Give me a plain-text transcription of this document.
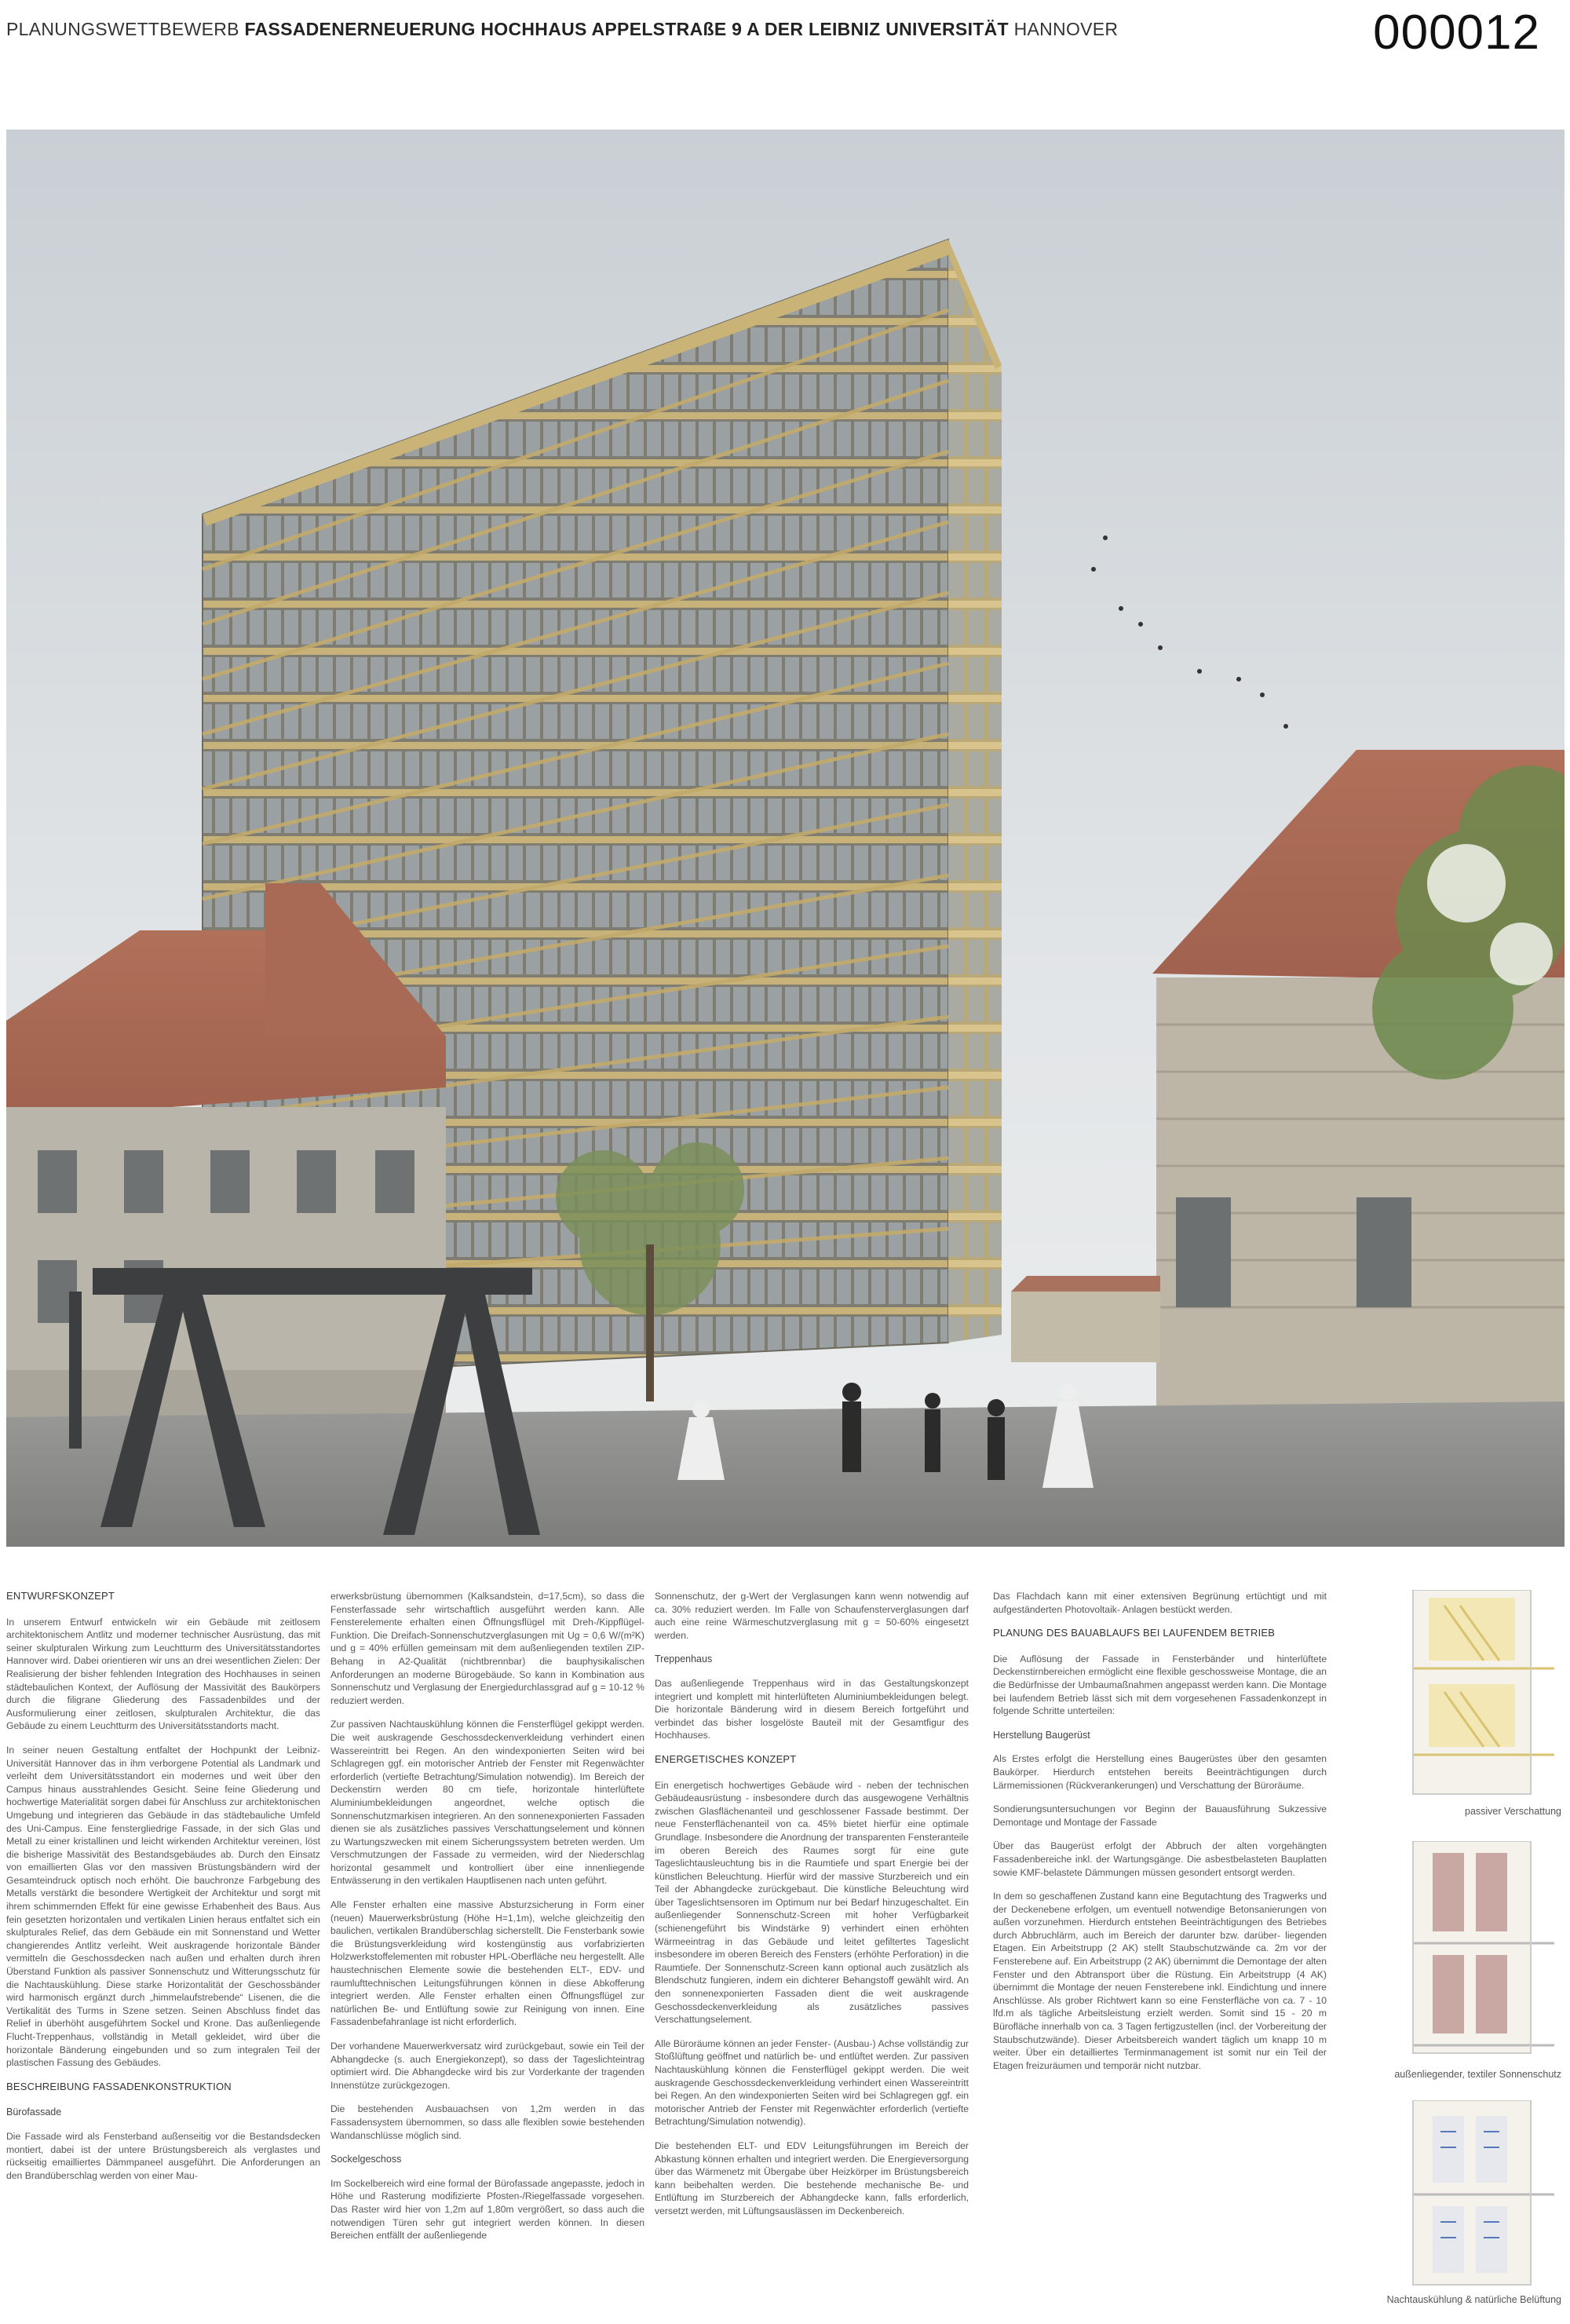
PLANUNGSWETTBEWERB FASSADENERNEUERUNG HOCHHAUS APPELSTRAßE 9 A DER LEIBNIZ UNIVERSITÄT HANNOVER	000012
ENTWURFSKONZEPT

In unserem Entwurf entwickeln wir ein Gebäude mit zeitlosem architektonischem Antlitz und moderner technischer Ausrüstung, das mit seiner skulpturalen Wirkung zum Leuchtturm des Universitätsstandortes Hannover wird. Dabei orientieren wir uns an drei wesentlichen Zielen: Der Realisierung der bisher fehlenden Integration des Hochhauses in seinen städtebaulichen Kontext, der Auflösung der Massivität des Baukörpers durch die filigrane Gliederung des Fassadenbildes und der Ausformulierung einer zeitlosen, skulpturalen Architektur, die das Gebäude zu einem Leuchtturm des Universitätsstandorts macht.

In seiner neuen Gestaltung entfaltet der Hochpunkt der Leibniz-Universität Hannover das in ihm verborgene Potential als Landmark und verleiht dem Universitätsstandort ein modernes und weit über den Campus hinaus ausstrahlendes Gesicht. Seine feine Gliederung und hochwertige Materialität sorgen dabei für Anschluss zur architektonischen Umgebung und integrieren das Gebäude in das städtebauliche Umfeld des Uni-Campus. Eine fenstergliedrige Fassade, in der sich Glas und Metall zu einer kristallinen und leicht wirkenden Architektur vereinen, löst die bisherige Massivität des Bestandsgebäudes ab. Durch den Einsatz von emaillierten Glas vor den massiven Brüstungsbändern wird der Gesamteindruck optisch noch erhöht. Die bauchronze Farbgebung des Metalls verstärkt die besondere Wertigkeit der Architektur und sorgt mit ihrem schimmernden Effekt für eine gewisse Erhabenheit des Baus. Aus fein gesetzten horizontalen und vertikalen Linien heraus entfaltet sich ein skulpturales Relief, das dem Gebäude ein mit Sonnenstand und Wetter changierendes Antlitz verleiht. Weit auskragende horizontale Bänder vermitteln die Geschossdecken nach außen und erhalten durch ihren Überstand Funktion als passiver Sonnenschutz und Witterungsschutz für die Nachtauskühlung. Diese starke Horizontalität der Geschossbänder wird harmonisch ergänzt durch „himmelaufstrebende“ Lisenen, die die Vertikalität des Turms in Szene setzen. Seinen Abschluss findet das Relief in überhöht ausgeführtem Sockel und Krone. Das außenliegende Flucht-Treppenhaus, vollständig in Metall gekleidet, wird über die horizontale Bänderung eingebunden und so zum integralen Teil der plastischen Fassung des Gebäudes.

BESCHREIBUNG FASSADENKONSTRUKTION
Bürofassade

Die Fassade wird als Fensterband außenseitig vor die Bestandsdecken montiert, dabei ist der untere Brüstungsbereich als verglastes und rückseitig emailliertes Dämmpaneel ausgeführt. Die Anforderungen an den Brandüberschlag werden von einer Mau-

erwerksbrüstung übernommen (Kalksandstein, d=17,5cm), so dass die Fensterfassade sehr wirtschaftlich ausgeführt werden kann. Alle Fensterelemente erhalten einen Öffnungsflügel mit Dreh-/Kippflügel-Funktion. Die Dreifach-Sonnenschutzverglasungen mit Ug = 0,6 W/(m²K) und g = 40% erfüllen gemeinsam mit dem außenliegenden textilen ZIP-Behang in A2-Qualität (nichtbrennbar) die bauphysikalischen Anforderungen an moderne Bürogebäude. So kann in Kombination aus Sonnenschutz und Verglasung der Energiedurchlassgrad auf g = 10-12 % reduziert werden.

Zur passiven Nachtauskühlung können die Fensterflügel gekippt werden. Die weit auskragende Geschossdeckenverkleidung verhindert einen Wassereintritt bei Regen. An den windexponierten Seiten wird bei Schlagregen ggf. ein motorischer Antrieb der Fenster mit Regenwächter erforderlich (vertiefte Betrachtung/Simulation notwendig). Im Bereich der Deckenstirn werden 80 cm tiefe, horizontale hinterlüftete Aluminiumbekleidungen angeordnet, welche optisch die Sonnenschutzmarkisen integrieren. An den sonnenexponierten Fassaden dienen sie als zusätzliches passives Verschattungselement und können zu Wartungszwecken mit einem Sicherungssystem betreten werden. Um Verschmutzungen der Fassade zu vermeiden, wird der Niederschlag horizontal gesammelt und kontrolliert über eine innenliegende Entwässerung in den vertikalen Hauptlisenen nach unten geführt.

Alle Fenster erhalten eine massive Absturzsicherung in Form einer (neuen) Mauerwerksbrüstung (Höhe H=1,1m), welche gleichzeitig den baulichen, vertikalen Brandüberschlag sicherstellt. Die Fensterbank sowie die Brüstungsverkleidung wird kostengünstig aus vorfabrizierten Holzwerkstoffelementen mit robuster HPL-Oberfläche neu hergestellt. Alle haustechnischen Elemente sowie die bestehenden ELT-, EDV- und raumlufttechnischen Leitungsführungen können in diese Abkofferung integriert werden. Alle Fenster erhalten einen Öffnungsflügel zur natürlichen Be- und Entlüftung sowie zur Reinigung von innen. Eine Fassadenbefahranlage ist nicht erforderlich.

Der vorhandene Mauerwerkversatz wird zurückgebaut, sowie ein Teil der Abhangdecke (s. auch Energiekonzept), so dass der Tageslichteintrag optimiert wird. Die Abhangdecke wird bis zur Vorderkante der tragenden Innenstütze zurückgezogen.

Die bestehenden Ausbauachsen von 1,2m werden in das Fassadensystem übernommen, so dass alle flexiblen sowie bestehenden Wandanschlüsse möglich sind.

Sockelgeschoss

Im Sockelbereich wird eine formal der Bürofassade angepasste, jedoch in Höhe und Rasterung modifizierte Pfosten-/Riegelfassade vorgesehen. Das Raster wird hier von 1,2m auf 1,80m vergrößert, so dass auch die notwendigen Türen sehr gut integriert werden können. In diesen Bereichen entfällt der außenliegende

Sonnenschutz, der g-Wert der Verglasungen kann wenn notwendig auf ca. 30% reduziert werden. Im Falle von Schaufensterverglasungen darf auch eine reine Wärmeschutzverglasung mit g = 50-60% eingesetzt werden.

Treppenhaus

Das außenliegende Treppenhaus wird in das Gestaltungskonzept integriert und komplett mit hinterlüfteten Aluminiumbekleidungen belegt. Die horizontale Bänderung wird in diesem Bereich fortgeführt und verbindet das bisher losgelöste Bauteil mit der Gesamtfigur des Hochhauses.

ENERGETISCHES KONZEPT

Ein energetisch hochwertiges Gebäude wird - neben der technischen Gebäudeausrüstung - insbesondere durch das ausgewogene Verhältnis zwischen Glasflächenanteil und geschlossener Fassade bestimmt. Der neue Fensterflächenanteil von ca. 45% bietet hierfür eine optimale Grundlage. Insbesondere die Anordnung der transparenten Fensteranteile im oberen Bereich des Raumes sorgt für eine gute Tageslichtausleuchtung bis in die Raumtiefe und spart Energie bei der künstlichen Beleuchtung. Hierfür wird der massive Sturzbereich und ein Teil der Abhangdecke zurückgebaut. Die künstliche Beleuchtung wird über Tageslichtsensoren im Optimum nur bei Bedarf hinzugeschaltet. Ein außenliegender Sonnenschutz-Screen mit hoher Verfügbarkeit (schienengeführt bis Windstärke 9) verhindert einen erhöhten Wärmeeintrag in das Gebäude und leitet gefiltertes Tageslicht insbesondere im oberen Bereich des Fensters (erhöhte Perforation) in die Raumtiefe. Der Sonnenschutz-Screen kann optional auch zusätzlich als Blendschutz fungieren, indem ein dichterer Behangstoff gewählt wird. An den sonnenexponierten Fassaden dient die weit auskragende Geschossdeckenverkleidung als zusätzliches passives Verschattungselement.

Alle Büroräume können an jeder Fenster- (Ausbau-) Achse vollständig zur Stoßlüftung geöffnet und natürlich be- und entlüftet werden. Zur passiven Nachtauskühlung können die Fensterflügel gekippt werden. Die weit auskragende Geschossdeckenverkleidung verhindert einen Wassereintritt bei Regen. An den windexponierten Seiten wird bei Schlagregen ggf. ein motorischer Antrieb der Fenster mit Regenwächter erforderlich (vertiefte Betrachtung/Simulation notwendig).

Die bestehenden ELT- und EDV Leitungsführungen im Bereich der Abkastung können erhalten und integriert werden. Die Energieversorgung über das Wärmenetz mit Übergabe über Heizkörper im Brüstungsbereich kann beibehalten werden. Die bestehende mechanische Be- und Entlüftung im Sturzbereich der Abhangdecke kann, falls erforderlich, versetzt werden, mit Lüftungsauslässen im Deckenbereich.

Das Flachdach kann mit einer extensiven Begrünung ertüchtigt und mit aufgeständerten Photovoltaik- Anlagen bestückt werden.

PLANUNG DES BAUABLAUFS BEI LAUFENDEM BETRIEB

Die Auflösung der Fassade in Fensterbänder und hinterlüftete Deckenstirnbereichen ermöglicht eine flexible geschossweise Montage, die an die Bedürfnisse der Umbaumaßnahmen angepasst werden kann. Die Montage bei laufendem Betrieb lässt sich mit dem vorgesehenen Fassadenkonzept in folgende Schritte unterteilen:

Herstellung Baugerüst

Als Erstes erfolgt die Herstellung eines Baugerüstes über den gesamten Baukörper. Hierdurch entstehen bereits Beeinträchtigungen durch Lärmemissionen (Rückverankerungen) und Verschattung der Büroräume.

Sondierungsuntersuchungen vor Beginn der Bauausführung Sukzessive Demontage und Montage der Fassade

Über das Baugerüst erfolgt der Abbruch der alten vorgehängten Fassadenbereiche inkl. der Wartungsgänge. Die asbestbelasteten Bauplatten sowie KMF-belastete Dämmungen müssen gesondert entsorgt werden.

In dem so geschaffenen Zustand kann eine Begutachtung des Tragwerks und der Deckenebene erfolgen, um eventuell notwendige Betonsanierungen von außen vorzunehmen. Hierdurch entstehen Beeinträchtigungen des Betriebes durch Abbruchlärm, auch im Bereich der darunter bzw. darüber- liegenden Etagen. Ein Arbeitstrupp (2 AK) stellt Staubschutzwände ca. 2m vor der Fensterebene auf. Ein Arbeitstrupp (2 AK) übernimmt die Demontage der alten Fenster und den Abtransport über die Rüstung. Ein Arbeitstrupp (4 AK) übernimmt die Montage der neuen Fensterebene inkl. Eindichtung und innere Anschlüsse. Als grober Richtwert kann so eine Fensterfläche von ca. 7 - 10 lfd.m als tägliche Arbeitsleistung erzielt werden. Somit sind 15 - 20 m Bürofläche innerhalb von ca. 3 Tagen fertigzustellen (incl. der Vorbereitung der Staubschutzwände). Dieser Arbeitsbereich wandert täglich um knapp 10 m weiter. Über ein detailliertes Terminmanagement ist somit nur ein Teil der Etagen freizuräumen und temporär nicht nutzbar.

passiver Verschattung
außenliegender, textiler Sonnenschutz
Nachtauskühlung & natürliche Belüftung
